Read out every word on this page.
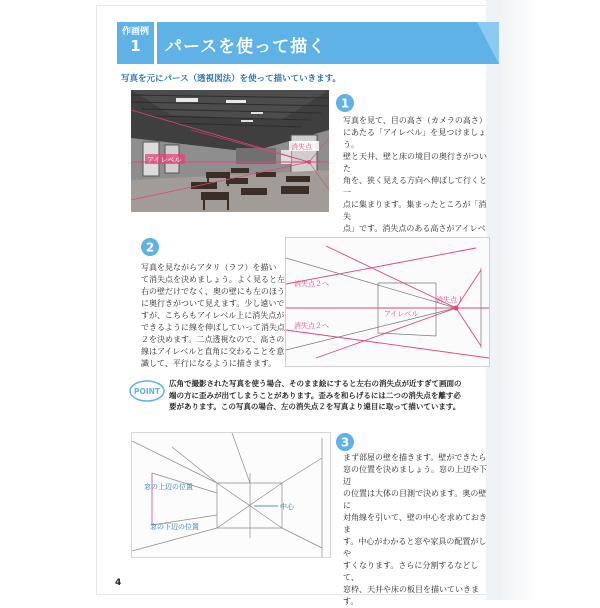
作画例
1	パースを使って描く
写真を元にパース（透視図法）を使って描いていきます。
アイレベル
消失点
1
写真を見て、目の高さ（カメラの高さ）
にあたる「アイレベル」を見つけましょう。
壁と天井、壁と床の境目の奥行きがついた
角を、狭く見える方向へ伸ばして行くと一
点に集まります。集まったところが「消失
点」です。消失点のある高さがアイレベ
2
写真を見ながらアタリ（ラフ）を描い
て消失点を決めましょう。よく見ると左
右の壁だけでなく、奥の壁にも左のほう
に奥行きがついて見えます。少し遠いで
すが、こちらもアイレベル上に消失点が
できるように線を伸ばしていって消失点
２を決めます。二点透視なので、高さの
線はアイレベルと直角に交わることを意
識して、平行になるように描きます。
消失点２へ
消失点２へ
アイレベル
消失点１
POINT
広角で撮影された写真を使う場合、そのまま絵にすると左右の消失点が近すぎて画面の
端の方に歪みが出てしまうことがあります。歪みを和らげるには二つの消失点を離す必
要があります。この写真の場合、左の消失点２を写真より遠目に取って描いています。
窓の上辺の位置
窓の下辺の位置
中心
3
まず部屋の壁を描きます。壁ができたら
窓の位置を決めましょう。窓の上辺や下辺
の位置は大体の目測で決めます。奥の壁に
対角線を引いて、壁の中心を求めておきま
す。中心がわかると窓や家具の配置がしや
すくなります。さらに分割するなどして、
窓枠、天井や床の板目を描いていきます。
4
